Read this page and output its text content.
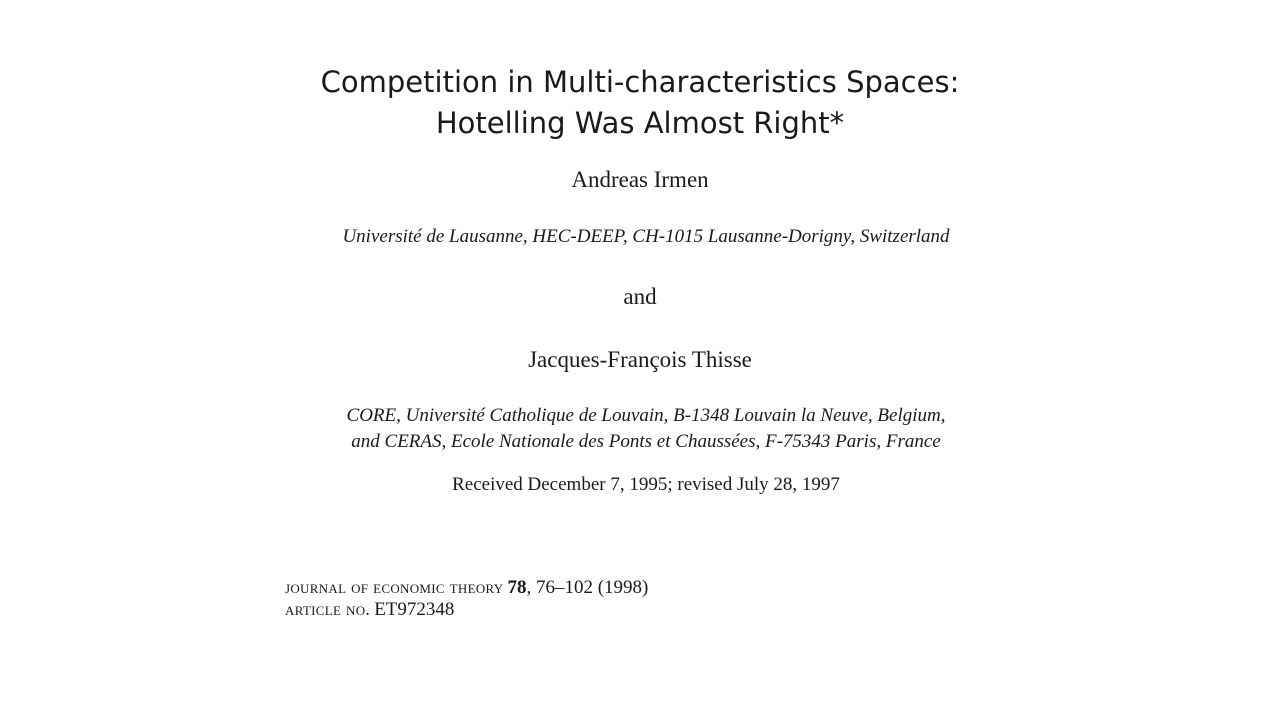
Competition in Multi-characteristics Spaces:
Hotelling Was Almost Right*
Andreas Irmen
Université de Lausanne, HEC-DEEP, CH-1015 Lausanne-Dorigny, Switzerland
and
Jacques-François Thisse
CORE, Université Catholique de Louvain, B-1348 Louvain la Neuve, Belgium,
and CERAS, Ecole Nationale des Ponts et Chaussées, F-75343 Paris, France
Received December 7, 1995; revised July 28, 1997
journal of economic theory 78, 76–102 (1998)
article no. ET972348
